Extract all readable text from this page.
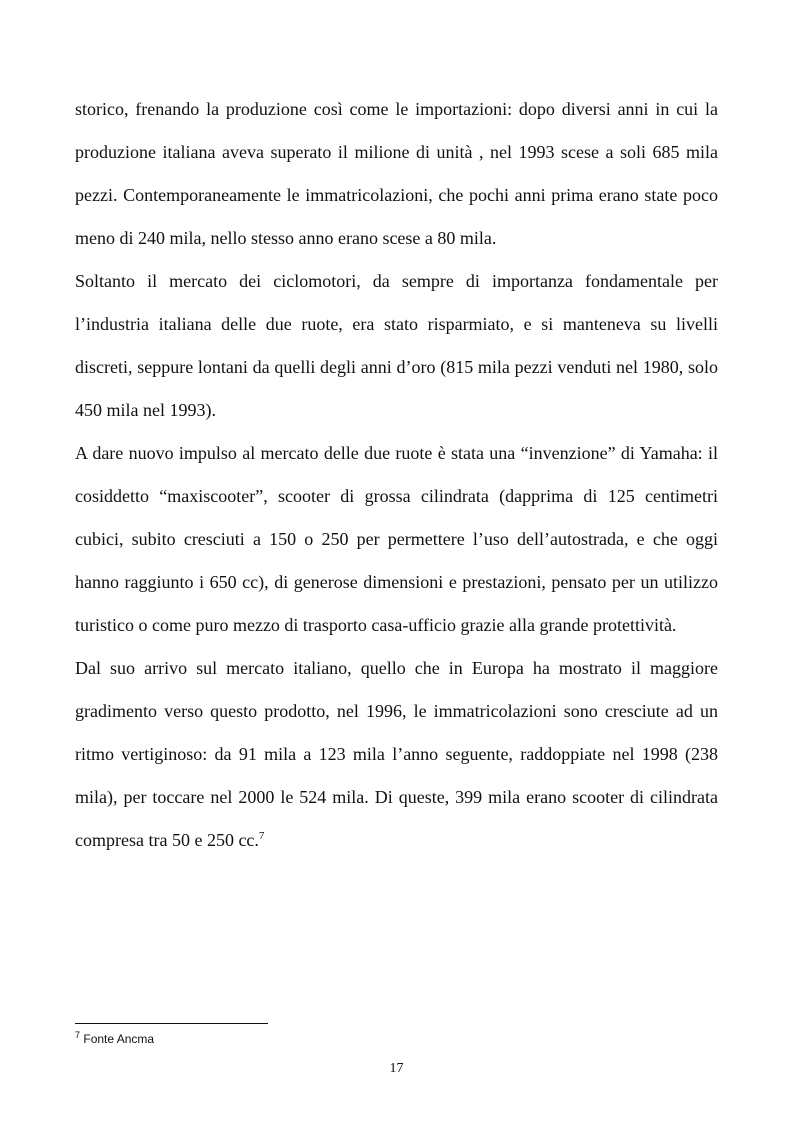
storico, frenando la produzione così come le importazioni: dopo diversi anni in cui la produzione italiana aveva superato il milione di unità , nel 1993 scese a soli 685 mila pezzi. Contemporaneamente le immatricolazioni, che pochi anni prima erano state poco meno di 240 mila, nello stesso anno erano scese a 80 mila.

Soltanto il mercato dei ciclomotori, da sempre di importanza fondamentale per l’industria italiana delle due ruote, era stato risparmiato, e si manteneva su livelli discreti, seppure lontani da quelli degli anni d’oro (815 mila pezzi venduti nel 1980, solo 450 mila nel 1993).

A dare nuovo impulso al mercato delle due ruote è stata una “invenzione” di Yamaha: il cosiddetto “maxiscooter”, scooter di grossa cilindrata (dapprima di 125 centimetri cubici, subito cresciuti a 150 o 250 per permettere l’uso dell’autostrada, e che oggi hanno raggiunto i 650 cc), di generose dimensioni e prestazioni, pensato per un utilizzo turistico o come puro mezzo di trasporto casa-ufficio grazie alla grande protettività.

Dal suo arrivo sul mercato italiano, quello che in Europa ha mostrato il maggiore gradimento verso questo prodotto, nel 1996, le immatricolazioni sono cresciute ad un ritmo vertiginoso: da 91 mila a 123 mila l’anno seguente, raddoppiate nel 1998 (238 mila), per toccare nel 2000 le 524 mila. Di queste, 399 mila erano scooter di cilindrata compresa tra 50 e 250 cc.$^7$

$^7$ Fonte Ancma
17
